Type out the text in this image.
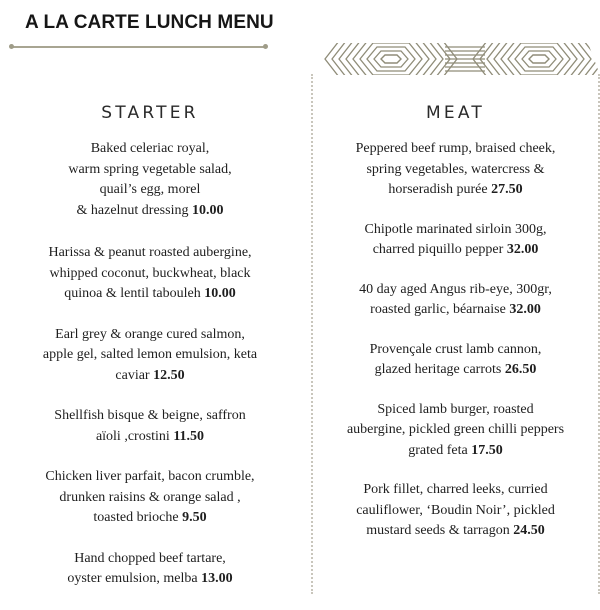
A LA CARTE LUNCH MENU
STARTER
Baked celeriac royal,
warm spring vegetable salad,
quail’s egg, morel
& hazelnut dressing 10.00
Harissa & peanut roasted aubergine,
whipped coconut, buckwheat, black
quinoa & lentil tabouleh 10.00
Earl grey & orange cured salmon,
apple gel, salted lemon emulsion, keta
caviar 12.50
Shellfish bisque & beigne, saffron
aïoli ,crostini 11.50
Chicken liver parfait, bacon crumble,
drunken raisins & orange salad ,
toasted brioche 9.50
Hand chopped beef tartare,
oyster emulsion, melba 13.00
MEAT
Peppered beef rump, braised cheek,
spring vegetables, watercress &
horseradish purée 27.50
Chipotle marinated sirloin 300g,
charred piquillo pepper 32.00
40 day aged Angus rib-eye, 300gr,
roasted garlic, béarnaise 32.00
Provençale crust lamb cannon,
glazed heritage carrots 26.50
Spiced lamb burger, roasted
aubergine, pickled green chilli peppers
grated feta 17.50
Pork fillet, charred leeks, curried
cauliflower, ‘Boudin Noir’, pickled
mustard seeds & tarragon 24.50
